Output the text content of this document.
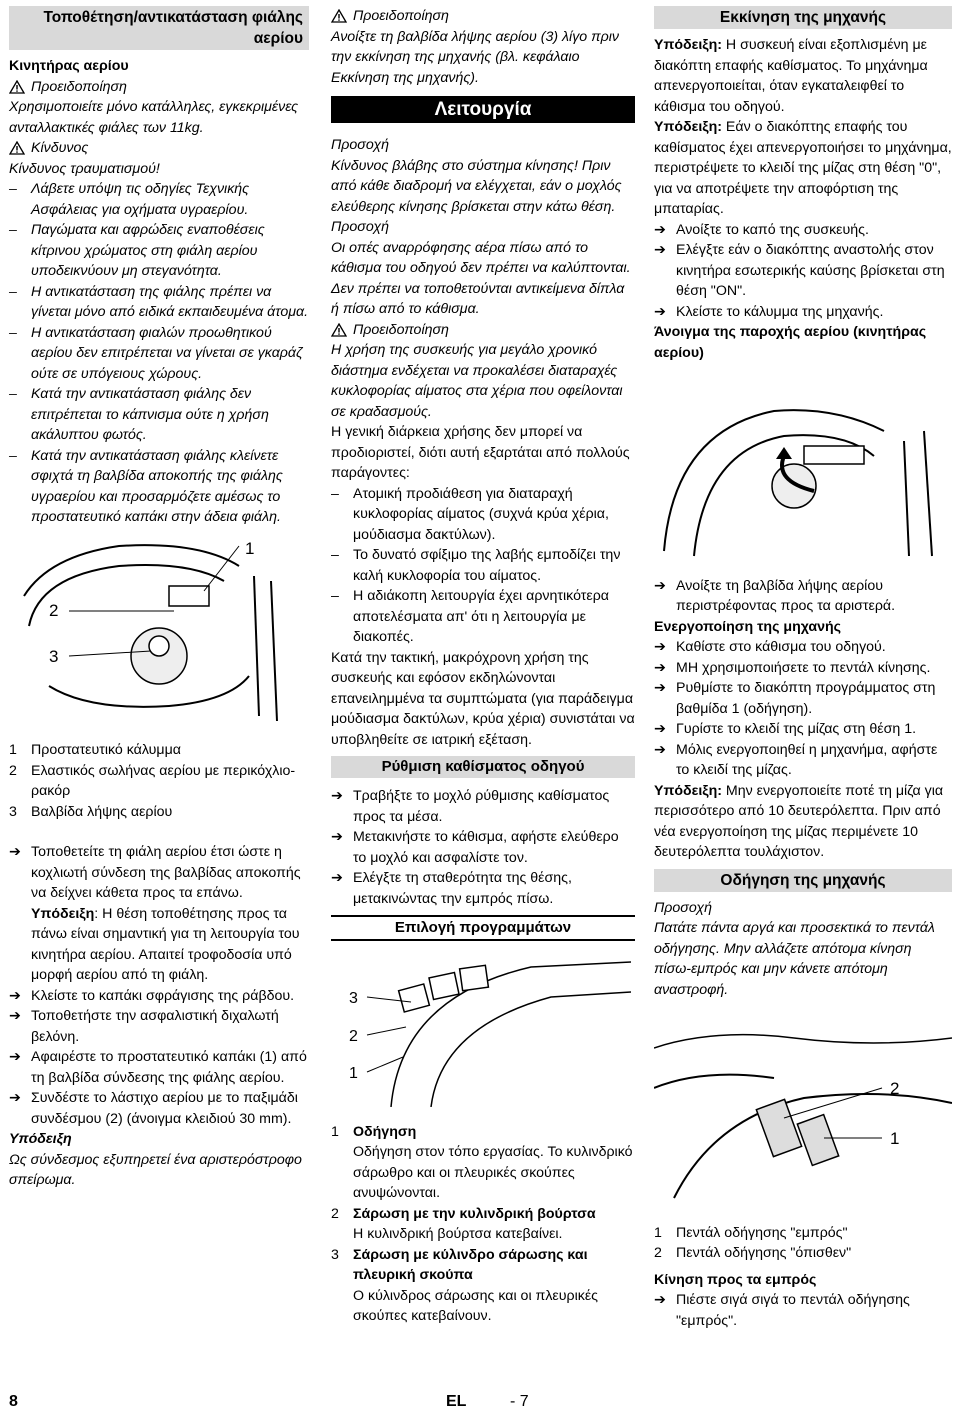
Τοποθέτηση/αντικατάσταση φιάλης αερίου

Κινητήρας αερίου

Προειδοποίηση

Χρησιμοποιείτε μόνο κατάλληλες, εγκεκριμένες ανταλλακτικές φιάλες των 11kg.

Κίνδυνος

Κίνδυνος τραυματισμού!

– Λάβετε υπόψη τις οδηγίες Τεχνικής Ασφάλειας για οχήματα υγραερίου.
– Παγώματα και αφρώδεις εναποθέσεις κίτρινου χρώματος στη φιάλη αερίου υποδεικνύουν μη στεγανότητα.
– Η αντικατάσταση της φιάλης πρέπει να γίνεται μόνο από ειδικά εκπαιδευμένα άτομα.
– Η αντικατάσταση φιαλών προωθητικού αερίου δεν επιτρέπεται να γίνεται σε γκαράζ ούτε σε υπόγειους χώρους.
– Κατά την αντικατάσταση φιάλης δεν επιτρέπεται το κάπνισμα ούτε η χρήση ακάλυπτου φωτός.
– Κατά την αντικατάσταση φιάλης κλείνετε σφιχτά τη βαλβίδα αποκοπής της φιάλης υγραερίου και προσαρμόζετε αμέσως το προστατευτικό καπάκι στην άδεια φιάλη.
1
2
3
1 Προστατευτικό κάλυμμα
2 Ελαστικός σωλήνας αερίου με περικόχλιο-ρακόρ
3 Βαλβίδα λήψης αερίου
➔ Τοποθετείτε τη φιάλη αερίου έτσι ώστε η κοχλιωτή σύνδεση της βαλβίδας αποκοπής να δείχνει κάθετα προς τα επάνω.
Υπόδειξη: Η θέση τοποθέτησης προς τα πάνω είναι σημαντική για τη λειτουργία του κινητήρα αερίου. Απαιτεί τροφοδοσία υπό μορφή αερίου από τη φιάλη.
➔ Κλείστε το καπάκι σφράγισης της ράβδου.
➔ Τοποθετήστε την ασφαλιστική διχαλωτή βελόνη.
➔ Αφαιρέστε το προστατευτικό καπάκι (1) από τη βαλβίδα σύνδεσης της φιάλης αερίου.
➔ Συνδέστε το λάστιχο αερίου με το παξιμάδι συνδέσμου (2) (άνοιγμα κλειδιού 30 mm).

Υπόδειξη

Ως σύνδεσμος εξυπηρετεί ένα αριστερόστροφο σπείρωμα.

Προειδοποίηση

Ανοίξτε τη βαλβίδα λήψης αερίου (3) λίγο πριν την εκκίνηση της μηχανής (βλ. κεφάλαιο Εκκίνηση της μηχανής).

Λειτουργία

Προσοχή

Κίνδυνος βλάβης στο σύστημα κίνησης! Πριν από κάθε διαδρομή να ελέγχεται, εάν ο μοχλός ελεύθερης κίνησης βρίσκεται στην κάτω θέση.

Προσοχή

Οι οπές αναρρόφησης αέρα πίσω από το κάθισμα του οδηγού δεν πρέπει να καλύπτονται. Δεν πρέπει να τοποθετούνται αντικείμενα δίπλα ή πίσω από το κάθισμα.

Προειδοποίηση

Η χρήση της συσκευής για μεγάλο χρονικό διάστημα ενδέχεται να προκαλέσει διαταραχές κυκλοφορίας αίματος στα χέρια που οφείλονται σε κραδασμούς.

Η γενική διάρκεια χρήσης δεν μπορεί να προδιοριστεί, διότι αυτή εξαρτάται από πολλούς παράγοντες:

– Ατομική προδιάθεση για διαταραχή κυκλοφορίας αίματος (συχνά κρύα χέρια, μούδιασμα δακτύλων).
– Το δυνατό σφίξιμο της λαβής εμποδίζει την καλή κυκλοφορία του αίματος.
– Η αδιάκοπη λειτουργία έχει αρνητικότερα αποτελέσματα απ' ότι η λειτουργία με διακοπές.

Κατά την τακτική, μακρόχρονη χρήση της συσκευής και εφόσον εκδηλώνονται επανειλημμένα τα συμπτώματα (για παράδειγμα μούδιασμα δακτύλων, κρύα χέρια) συνιστάται να υποβληθείτε σε ιατρική εξέταση.

Ρύθμιση καθίσματος οδηγού
➔ Τραβήξτε το μοχλό ρύθμισης καθίσματος προς τα μέσα.
➔ Μετακινήστε το κάθισμα, αφήστε ελεύθερο το μοχλό και ασφαλίστε τον.
➔ Ελέγξτε τη σταθερότητα της θέσης, μετακινώντας την εμπρός πίσω.
Επιλογή προγραμμάτων
3
2
1
1 Οδήγηση

Οδήγηση στον τόπο εργασίας. Το κυλινδρικό σάρωθρο και οι πλευρικές σκούπες ανυψώνονται.

2 Σάρωση με την κυλινδρική βούρτσα

Η κυλινδρική βούρτσα κατεβαίνει.

3 Σάρωση με κύλινδρο σάρωσης και πλευρική σκούπα

Ο κύλινδρος σάρωσης και οι πλευρικές σκούπες κατεβαίνουν.

Εκκίνηση της μηχανής

Υπόδειξη: Η συσκευή είναι εξοπλισμένη με διακόπτη επαφής καθίσματος. Το μηχάνημα απενεργοποιείται, όταν εγκαταλειφθεί το κάθισμα του οδηγού.

Υπόδειξη: Εάν ο διακόπτης επαφής του καθίσματος έχει απενεργοποιήσει το μηχάνημα, περιστρέψετε το κλειδί της μίζας στη θέση "0", για να αποτρέψετε την αποφόρτιση της μπαταρίας.

➔ Ανοίξτε το καπό της συσκευής.
➔ Ελέγξτε εάν ο διακόπτης αναστολής στον κινητήρα εσωτερικής καύσης βρίσκεται στη θέση "ON".
➔ Κλείστε το κάλυμμα της μηχανής.

Άνοιγμα της παροχής αερίου (κινητήρας αερίου)

➔ Ανοίξτε τη βαλβίδα λήψης αερίου περιστρέφοντας προς τα αριστερά.

Ενεργοποίηση της μηχανής

➔ Καθίστε στο κάθισμα του οδηγού.
➔ ΜΗ χρησιμοποιήσετε το πεντάλ κίνησης.
➔ Ρυθμίστε το διακόπτη προγράμματος στη βαθμίδα 1 (οδήγηση).
➔ Γυρίστε το κλειδί της μίζας στη θέση 1.
➔ Μόλις ενεργοποιηθεί η μηχανήμα, αφήστε το κλειδί της μίζας.

Υπόδειξη: Μην ενεργοποιείτε ποτέ τη μίζα για περισσότερο από 10 δευτερόλεπτα. Πριν από νέα ενεργοποίηση της μίζας περιμένετε 10 δευτερόλεπτα τουλάχιστον.

Οδήγηση της μηχανής

Προσοχή

Πατάτε πάντα αργά και προσεκτικά το πεντάλ οδήγησης. Μην αλλάζετε απότομα κίνηση πίσω-εμπρός και μην κάνετε απότομη αναστροφή.

2
1
1 Πεντάλ οδήγησης "εμπρός"
2 Πεντάλ οδήγησης "όπισθεν"

Κίνηση προς τα εμπρός

➔ Πιέστε σιγά σιγά το πεντάλ οδήγησης "εμπρός".
8	EL	- 7
